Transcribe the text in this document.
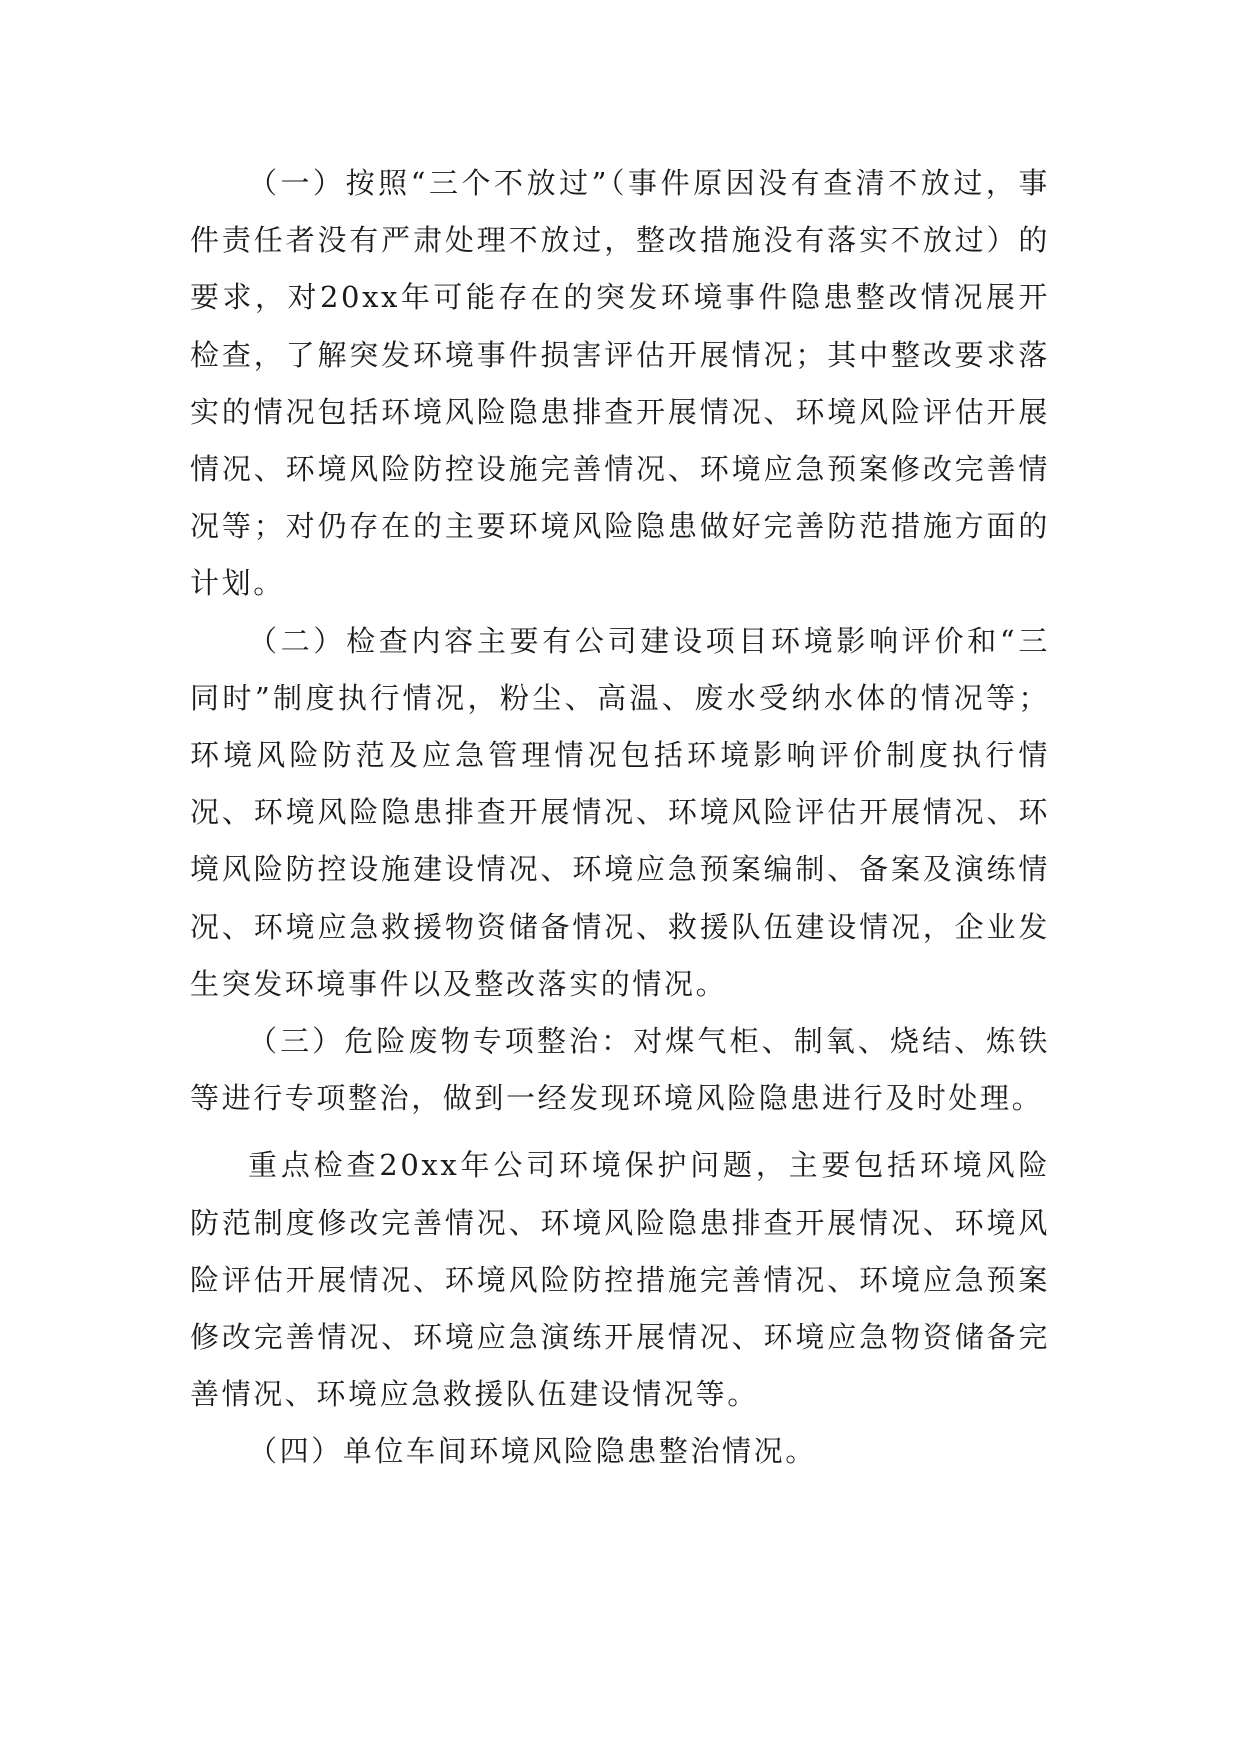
（一）按照“三个不放过”（事件原因没有查清不放过，事件责任者没有严肃处理不放过，整改措施没有落实不放过）的要求，对20xx年可能存在的突发环境事件隐患整改情况展开检查，了解突发环境事件损害评估开展情况；其中整改要求落实的情况包括环境风险隐患排查开展情况、环境风险评估开展情况、环境风险防控设施完善情况、环境应急预案修改完善情况等；对仍存在的主要环境风险隐患做好完善防范措施方面的计划。

（二）检查内容主要有公司建设项目环境影响评价和“三同时”制度执行情况，粉尘、高温、废水受纳水体的情况等；环境风险防范及应急管理情况包括环境影响评价制度执行情况、环境风险隐患排查开展情况、环境风险评估开展情况、环境风险防控设施建设情况、环境应急预案编制、备案及演练情况、环境应急救援物资储备情况、救援队伍建设情况，企业发生突发环境事件以及整改落实的情况。

（三）危险废物专项整治：对煤气柜、制氧、烧结、炼铁等进行专项整治，做到一经发现环境风险隐患进行及时处理。

重点检查20xx年公司环境保护问题，主要包括环境风险防范制度修改完善情况、环境风险隐患排查开展情况、环境风险评估开展情况、环境风险防控措施完善情况、环境应急预案修改完善情况、环境应急演练开展情况、环境应急物资储备完善情况、环境应急救援队伍建设情况等。

（四）单位车间环境风险隐患整治情况。
